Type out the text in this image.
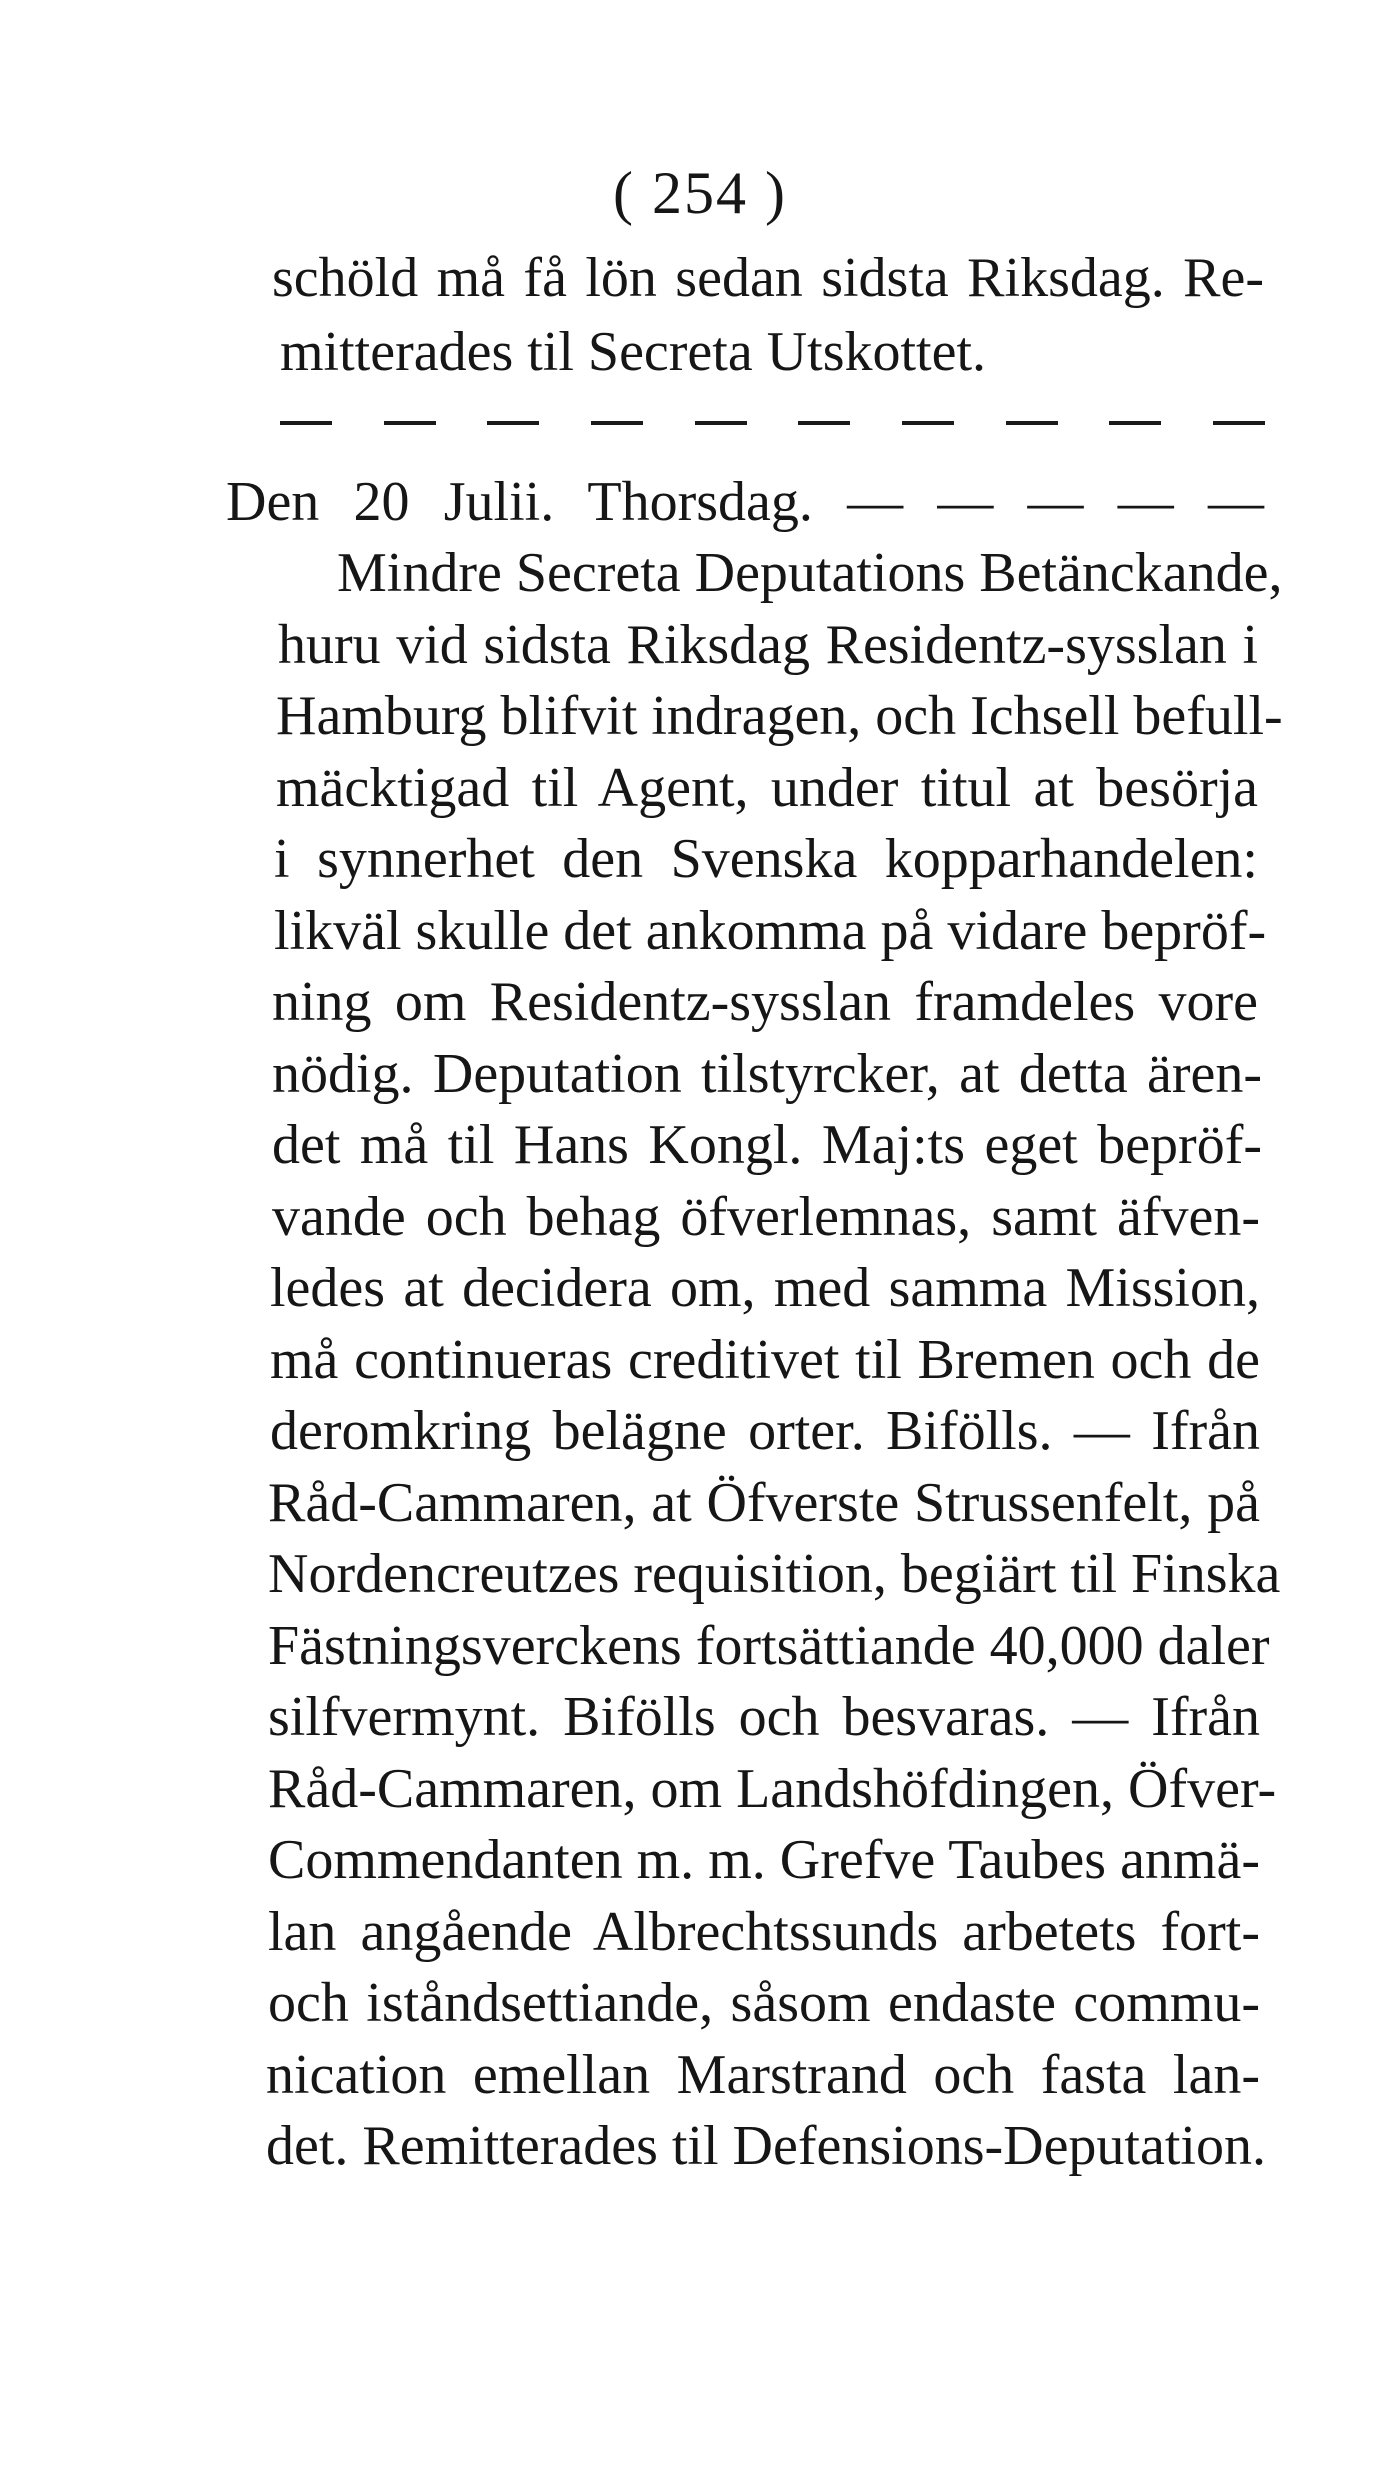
( 254 )
schöld må få lön sedan sidsta Riksdag. Re-
mitterades til Secreta Utskottet.
Den 20 Julii. Thorsdag. — — — — —
Mindre Secreta Deputations Betänckande,
huru vid sidsta Riksdag Residentz-sysslan i
Hamburg blifvit indragen, och Ichsell befull-
mäcktigad til Agent, under titul at besörja
i synnerhet den Svenska kopparhandelen:
likväl skulle det ankomma på vidare bepröf-
ning om Residentz-sysslan framdeles vore
nödig. Deputation tilstyrcker, at detta ären-
det må til Hans Kongl. Maj:ts eget bepröf-
vande och behag öfverlemnas, samt äfven-
ledes at decidera om, med samma Mission,
må continueras creditivet til Bremen och de
deromkring belägne orter. Bifölls. — Ifrån
Råd-Cammaren, at Öfverste Strussenfelt, på
Nordencreutzes requisition, begiärt til Finska
Fästningsverckens fortsättiande 40,000 daler
silfvermynt. Bifölls och besvaras. — Ifrån
Råd-Cammaren, om Landshöfdingen, Öfver-
Commendanten m. m. Grefve Taubes anmä-
lan angående Albrechtssunds arbetets fort-
och iståndsettiande, såsom endaste commu-
nication emellan Marstrand och fasta lan-
det. Remitterades til Defensions-Deputation.
